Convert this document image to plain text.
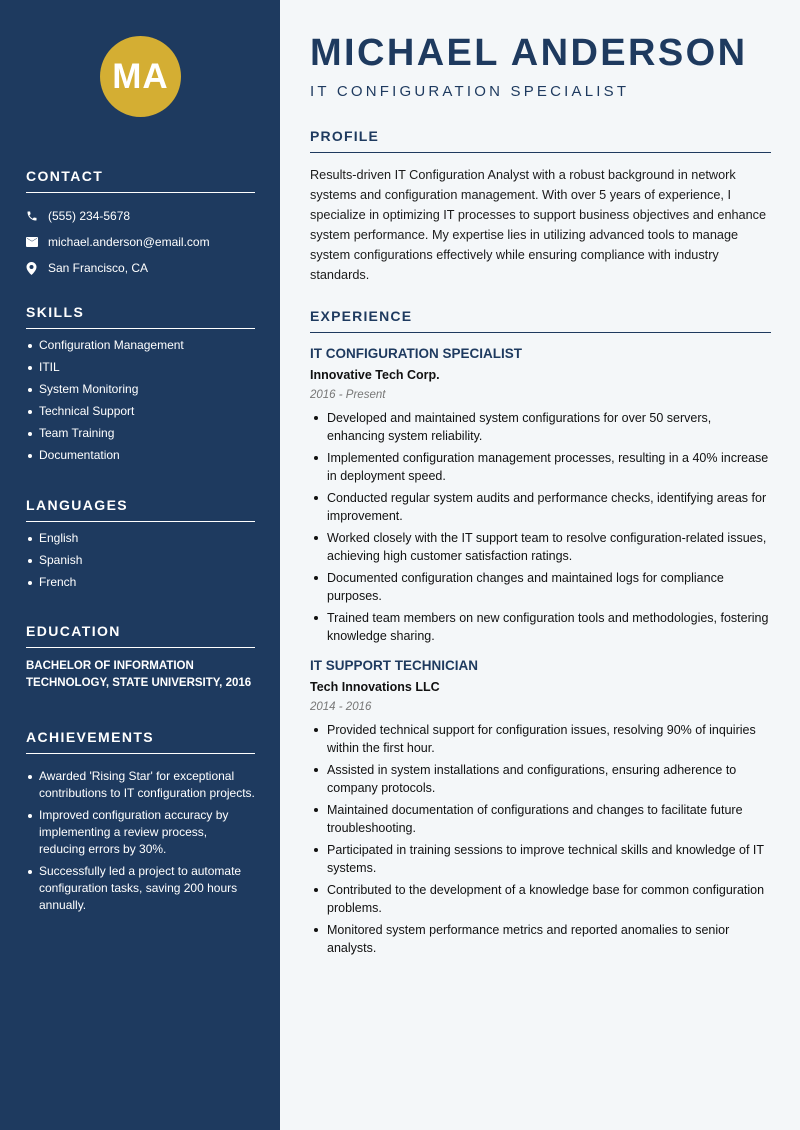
MA
CONTACT
(555) 234-5678
michael.anderson@email.com
San Francisco, CA
SKILLS
Configuration Management
ITIL
System Monitoring
Technical Support
Team Training
Documentation
LANGUAGES
English
Spanish
French
EDUCATION
BACHELOR OF INFORMATION TECHNOLOGY, STATE UNIVERSITY, 2016
ACHIEVEMENTS
Awarded 'Rising Star' for exceptional contributions to IT configuration projects.
Improved configuration accuracy by implementing a review process, reducing errors by 30%.
Successfully led a project to automate configuration tasks, saving 200 hours annually.
MICHAEL ANDERSON
IT CONFIGURATION SPECIALIST
PROFILE

Results-driven IT Configuration Analyst with a robust background in network systems and configuration management. With over 5 years of experience, I specialize in optimizing IT processes to support business objectives and enhance system performance. My expertise lies in utilizing advanced tools to manage system configurations effectively while ensuring compliance with industry standards.

EXPERIENCE
IT CONFIGURATION SPECIALIST
Innovative Tech Corp.
2016 - Present
Developed and maintained system configurations for over 50 servers, enhancing system reliability.
Implemented configuration management processes, resulting in a 40% increase in deployment speed.
Conducted regular system audits and performance checks, identifying areas for improvement.
Worked closely with the IT support team to resolve configuration-related issues, achieving high customer satisfaction ratings.
Documented configuration changes and maintained logs for compliance purposes.
Trained team members on new configuration tools and methodologies, fostering knowledge sharing.
IT SUPPORT TECHNICIAN
Tech Innovations LLC
2014 - 2016
Provided technical support for configuration issues, resolving 90% of inquiries within the first hour.
Assisted in system installations and configurations, ensuring adherence to company protocols.
Maintained documentation of configurations and changes to facilitate future troubleshooting.
Participated in training sessions to improve technical skills and knowledge of IT systems.
Contributed to the development of a knowledge base for common configuration problems.
Monitored system performance metrics and reported anomalies to senior analysts.
